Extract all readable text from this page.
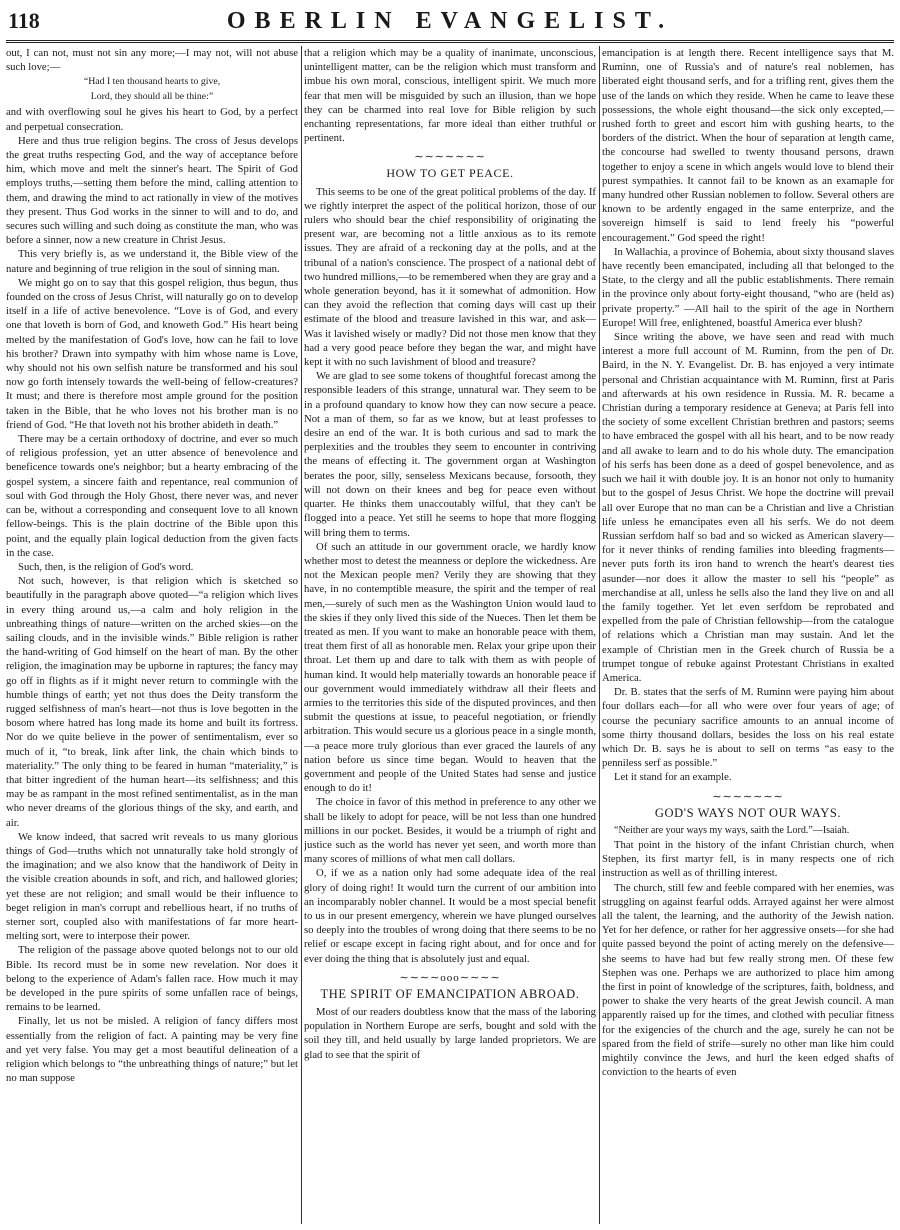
118	OBERLIN EVANGELIST.

out, I can not, must not sin any more;—I may not, will not abuse such love;—

“Had I ten thousand hearts to give,
Lord, they should all be thine:”

and with overflowing soul he gives his heart to God, by a perfect and perpetual consecration.

Here and thus true religion begins. The cross of Jesus develops the great truths respecting God, and the way of acceptance before him, which move and melt the sinner's heart. The Spirit of God employs truths,—setting them before the mind, calling attention to them, and drawing the mind to act rationally in view of the motives they present. Thus God works in the sinner to will and to do, and secures such willing and such doing as constitute the man, who was before a sinner, now a new creature in Christ Jesus.

This very briefly is, as we understand it, the Bible view of the nature and beginning of true religion in the soul of sinning man.

We might go on to say that this gospel religion, thus begun, thus founded on the cross of Jesus Christ, will naturally go on to develop itself in a life of active benevolence. “Love is of God, and every one that loveth is born of God, and knoweth God.” His heart being melted by the manifestation of God's love, how can he fail to love his brother? Drawn into sympathy with him whose name is Love, why should not his own selfish nature be transformed and his soul now go forth intensely towards the well-being of fellow-creatures? It must; and there is therefore most ample ground for the position taken in the Bible, that he who loves not his brother man is no friend of God. “He that loveth not his brother abideth in death.”

There may be a certain orthodoxy of doctrine, and ever so much of religious profession, yet an utter absence of benevolence and beneficence towards one's neighbor; but a hearty embracing of the gospel system, a sincere faith and repentance, real communion of soul with God through the Holy Ghost, there never was, and never can be, without a corresponding and consequent love to all known fellow-beings. This is the plain doctrine of the Bible upon this point, and the equally plain logical deduction from the given facts in the case.

Such, then, is the religion of God's word.

Not such, however, is that religion which is sketched so beautifully in the paragraph above quoted—“a religion which lives in every thing around us,—a calm and holy religion in the unbreathing things of nature—written on the arched skies—on the sailing clouds, and in the invisible winds.” Bible religion is rather the hand-writing of God himself on the heart of man. By the other religion, the imagination may be upborne in raptures; the fancy may go off in flights as if it might never return to commingle with the humble things of earth; yet not thus does the Deity transform the rugged selfishness of man's heart—not thus is love begotten in the bosom where hatred has long made its home and built its fortress. Nor do we quite believe in the power of sentimentalism, ever so much of it, “to break, link after link, the chain which binds to materiality.” The only thing to be feared in human “materiality,” is that bitter ingredient of the human heart—its selfishness; and this may be as rampant in the most refined sentimentalist, as in the man who never dreams of the glorious things of the sky, and earth, and air.

We know indeed, that sacred writ reveals to us many glorious things of God—truths which not unnaturally take hold strongly of the imagination; and we also know that the handiwork of Deity in the visible creation abounds in soft, and rich, and hallowed glories; yet these are not religion; and small would be their influence to beget religion in man's corrupt and rebellious heart, if no truths of sterner sort, coupled also with manifestations of far more heart-melting sort, were to interpose their power.

The religion of the passage above quoted belongs not to our old Bible. Its record must be in some new revelation. Nor does it belong to the experience of Adam's fallen race. How much it may be developed in the pure spirits of some unfallen race of beings, remains to be learned.

Finally, let us not be misled. A religion of fancy differs most essentially from the religion of fact. A painting may be very fine and yet very false. You may get a most beautiful delineation of a religion which belongs to “the unbreathing things of nature;” but let no man suppose

that a religion which may be a quality of inanimate, unconscious, unintelligent matter, can be the religion which must transform and imbue his own moral, conscious, intelligent spirit. We much more fear that men will be misguided by such an illusion, than we hope they can be charmed into real love for Bible religion by such enchanting representations, far more ideal than either truthful or pertinent.

∼∼∼∼∼∼∼
HOW TO GET PEACE.

This seems to be one of the great political problems of the day. If we rightly interpret the aspect of the political horizon, those of our rulers who should bear the chief responsibility of originating the present war, are becoming not a little anxious as to its remote issues. They are afraid of a reckoning day at the polls, and at the tribunal of a nation's conscience. The prospect of a national debt of two hundred millions,—to be remembered when they are gray and a whole generation beyond, has it it somewhat of admonition. How can they avoid the reflection that coming days will cast up their estimate of the blood and treasure lavished in this war, and ask—Was it lavished wisely or madly? Did not those men know that they had a very good peace before they began the war, and might have kept it with no such lavishment of blood and treasure?

We are glad to see some tokens of thoughtful forecast among the responsible leaders of this strange, unnatural war. They seem to be in a profound quandary to know how they can now secure a peace. Not a man of them, so far as we know, but at least professes to desire an end of the war. It is both curious and sad to mark the perplexities and the troubles they seem to encounter in contriving the means of effecting it. The government organ at Washington berates the poor, silly, senseless Mexicans because, forsooth, they will not down on their knees and beg for peace even without quarter. He thinks them unaccoutably wilful, that they can't be flogged into a peace. Yet still he seems to hope that more flogging will bring them to terms.

Of such an attitude in our government oracle, we hardly know whether most to detest the meanness or deplore the wickedness. Are not the Mexican people men? Verily they are showing that they have, in no contemptible measure, the spirit and the temper of real men,—surely of such men as the Washington Union would laud to the skies if they only lived this side of the Nueces. Then let them be treated as men. If you want to make an honorable peace with them, treat them first of all as honorable men. Relax your gripe upon their throat. Let them up and dare to talk with them as with people of human kind. It would help materially towards an honorable peace if our government would immediately withdraw all their fleets and armies to the territories this side of the disputed provinces, and then submit the questions at issue, to peaceful negotiation, or friendly arbitration. This would secure us a glorious peace in a single month,—a peace more truly glorious than ever graced the laurels of any nation before us since time began. Would to heaven that the government and people of the United States had sense and justice enough to do it!

The choice in favor of this method in preference to any other we shall be likely to adopt for peace, will be not less than one hundred millions in our pocket. Besides, it would be a triumph of right and justice such as the world has never yet seen, and worth more than many scores of millions of what men call dollars.

O, if we as a nation only had some adequate idea of the real glory of doing right! It would turn the current of our ambition into an incomparably nobler channel. It would be a most special benefit to us in our present emergency, wherein we have plunged ourselves so deeply into the troubles of wrong doing that there seems to be no relief or escape except in facing right about, and for once and for ever doing the thing that is absolutely just and equal.

∼∼∼∼ooo∼∼∼∼
THE SPIRIT OF EMANCIPATION ABROAD.

Most of our readers doubtless know that the mass of the laboring population in Northern Europe are serfs, bought and sold with the soil they till, and held usually by large landed proprietors. We are glad to see that the spirit of

emancipation is at length there. Recent intelligence says that M. Ruminn, one of Russia's and of nature's real noblemen, has liberated eight thousand serfs, and for a trifling rent, gives them the use of the lands on which they reside. When he came to leave these possessions, the whole eight thousand—the sick only excepted,—rushed forth to greet and escort him with gushing hearts, to the borders of the district. When the hour of separation at length came, the concourse had swelled to twenty thousand persons, drawn together to enjoy a scene in which angels would love to blend their purest sympathies. It cannot fail to be known as an examaple for many hundred other Russian noblemen to follow. Several others are known to be ardently engaged in the same enterprize, and the sovereign himself is said to lend freely his “powerful encouragement.” God speed the right!

In Wallachia, a province of Bohemia, about sixty thousand slaves have recently been emancipated, including all that belonged to the State, to the clergy and all the public establishments. There remain in the province only about forty-eight thousand, “who are (held as) private property.” —All hail to the spirit of the age in Northern Europe! Will free, enlightened, boastful America ever blush?

Since writing the above, we have seen and read with much interest a more full account of M. Ruminn, from the pen of Dr. Baird, in the N. Y. Evangelist. Dr. B. has enjoyed a very intimate personal and Christian acquaintance with M. Ruminn, first at Paris and afterwards at his own residence in Russia. M. R. became a Christian during a temporary residence at Geneva; at Paris fell into the society of some excellent Christian brethren and pastors; seems to have embraced the gospel with all his heart, and to be now ready and all awake to learn and to do his whole duty. The emancipation of his serfs has been done as a deed of gospel benevolence, and as such we hail it with double joy. It is an honor not only to humanity but to the gospel of Jesus Christ. We hope the doctrine will prevail all over Europe that no man can be a Christian and live a Christian life unless he emancipates even all his serfs. We do not deem Russian serfdom half so bad and so wicked as American slavery—for it never thinks of rending families into bleeding fragments—never puts forth its iron hand to wrench the heart's dearest ties asunder—nor does it allow the master to sell his “people” as merchandise at all, unless he sells also the land they live on and all the family together. Yet let even serfdom be reprobated and expelled from the pale of Christian fellowship—from the catalogue of relations which a Christian man may sustain. And let the example of Christian men in the Greek church of Russia be a trumpet tongue of rebuke against Protestant Christians in exalted America.

Dr. B. states that the serfs of M. Ruminn were paying him about four dollars each—for all who were over four years of age; of course the pecuniary sacrifice amounts to an annual income of some thirty thousand dollars, besides the loss on his real estate which Dr. B. says he is about to sell on terms “as easy to the penniless serf as possible.”

Let it stand for an example.

∼∼∼∼∼∼∼
GOD'S WAYS NOT OUR WAYS.

“Neither are your ways my ways, saith the Lord.”—Isaiah.

That point in the history of the infant Christian church, when Stephen, its first martyr fell, is in many respects one of rich instruction as well as of thrilling interest.

The church, still few and feeble compared with her enemies, was struggling on against fearful odds. Arrayed against her were almost all the talent, the learning, and the authority of the Jewish nation. Yet for her defence, or rather for her aggressive onsets—for she had quite passed beyond the point of acting merely on the defensive—she seems to have had but few really strong men. Of these few Stephen was one. Perhaps we are authorized to place him among the first in point of knowledge of the scriptures, faith, boldness, and power to shake the very hearts of the great Jewish council. A man apparently raised up for the times, and clothed with peculiar fitness for the exigencies of the church and the age, surely he can not be spared from the field of strife—surely no other man like him could mightily convince the Jews, and hurl the keen edged shafts of conviction to the hearts of even
